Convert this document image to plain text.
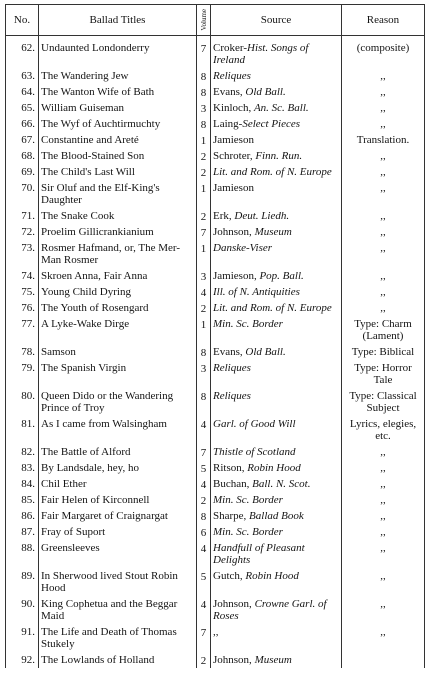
No.	Ballad Titles	Volume	Source	Reason

62.	Undaunted Londonderry	7	Croker-Hist. Songs of Ireland	(composite)
63.	The Wandering Jew	8	Reliques	,,
64.	The Wanton Wife of Bath	8	Evans, Old Ball.	,,
65.	William Guiseman	3	Kinloch, An. Sc. Ball.	,,
66.	The Wyf of Auchtirmuchty	8	Laing-Select Pieces	,,
67.	Constantine and Areté	1	Jamieson	Translation.
68.	The Blood-Stained Son	2	Schroter, Finn. Run.	,,
69.	The Child's Last Will	2	Lit. and Rom. of N. Europe	,,
70.	Sir Oluf and the Elf-King's Daughter	1	Jamieson	,,
71.	The Snake Cook	2	Erk, Deut. Liedh.	,,
72.	Proelim Gillicrankianium	7	Johnson, Museum	,,
73.	Rosmer Hafmand, or, The Mer-Man Rosmer	1	Danske-Viser	,,
74.	Skroen Anna, Fair Anna	3	Jamieson, Pop. Ball.	,,
75.	Young Child Dyring	4	Ill. of N. Antiquities	,,
76.	The Youth of Rosengard	2	Lit. and Rom. of N. Europe	,,
77.	A Lyke-Wake Dirge	1	Min. Sc. Border	Type: Charm (Lament)
78.	Samson	8	Evans, Old Ball.	Type: Biblical
79.	The Spanish Virgin	3	Reliques	Type: Horror Tale
80.	Queen Dido or the Wandering Prince of Troy	8	Reliques	Type: Classical Subject
81.	As I came from Walsingham	4	Garl. of Good Will	Lyrics, elegies, etc.
82.	The Battle of Alford	7	Thistle of Scotland	,,
83.	By Landsdale, hey, ho	5	Ritson, Robin Hood	,,
84.	Chil Ether	4	Buchan, Ball. N. Scot.	,,
85.	Fair Helen of Kirconnell	2	Min. Sc. Border	,,
86.	Fair Margaret of Craignargat	8	Sharpe, Ballad Book	,,
87.	Fray of Suport	6	Min. Sc. Border	,,
88.	Greensleeves	4	Handfull of Pleasant Delights	,,
89.	In Sherwood lived Stout Robin Hood	5	Gutch, Robin Hood	,,
90.	King Cophetua and the Beggar Maid	4	Johnson, Crowne Garl. of Roses	,,
91.	The Life and Death of Thomas Stukely	7	,,	,,
92.	The Lowlands of Holland	2	Johnson, Museum	
